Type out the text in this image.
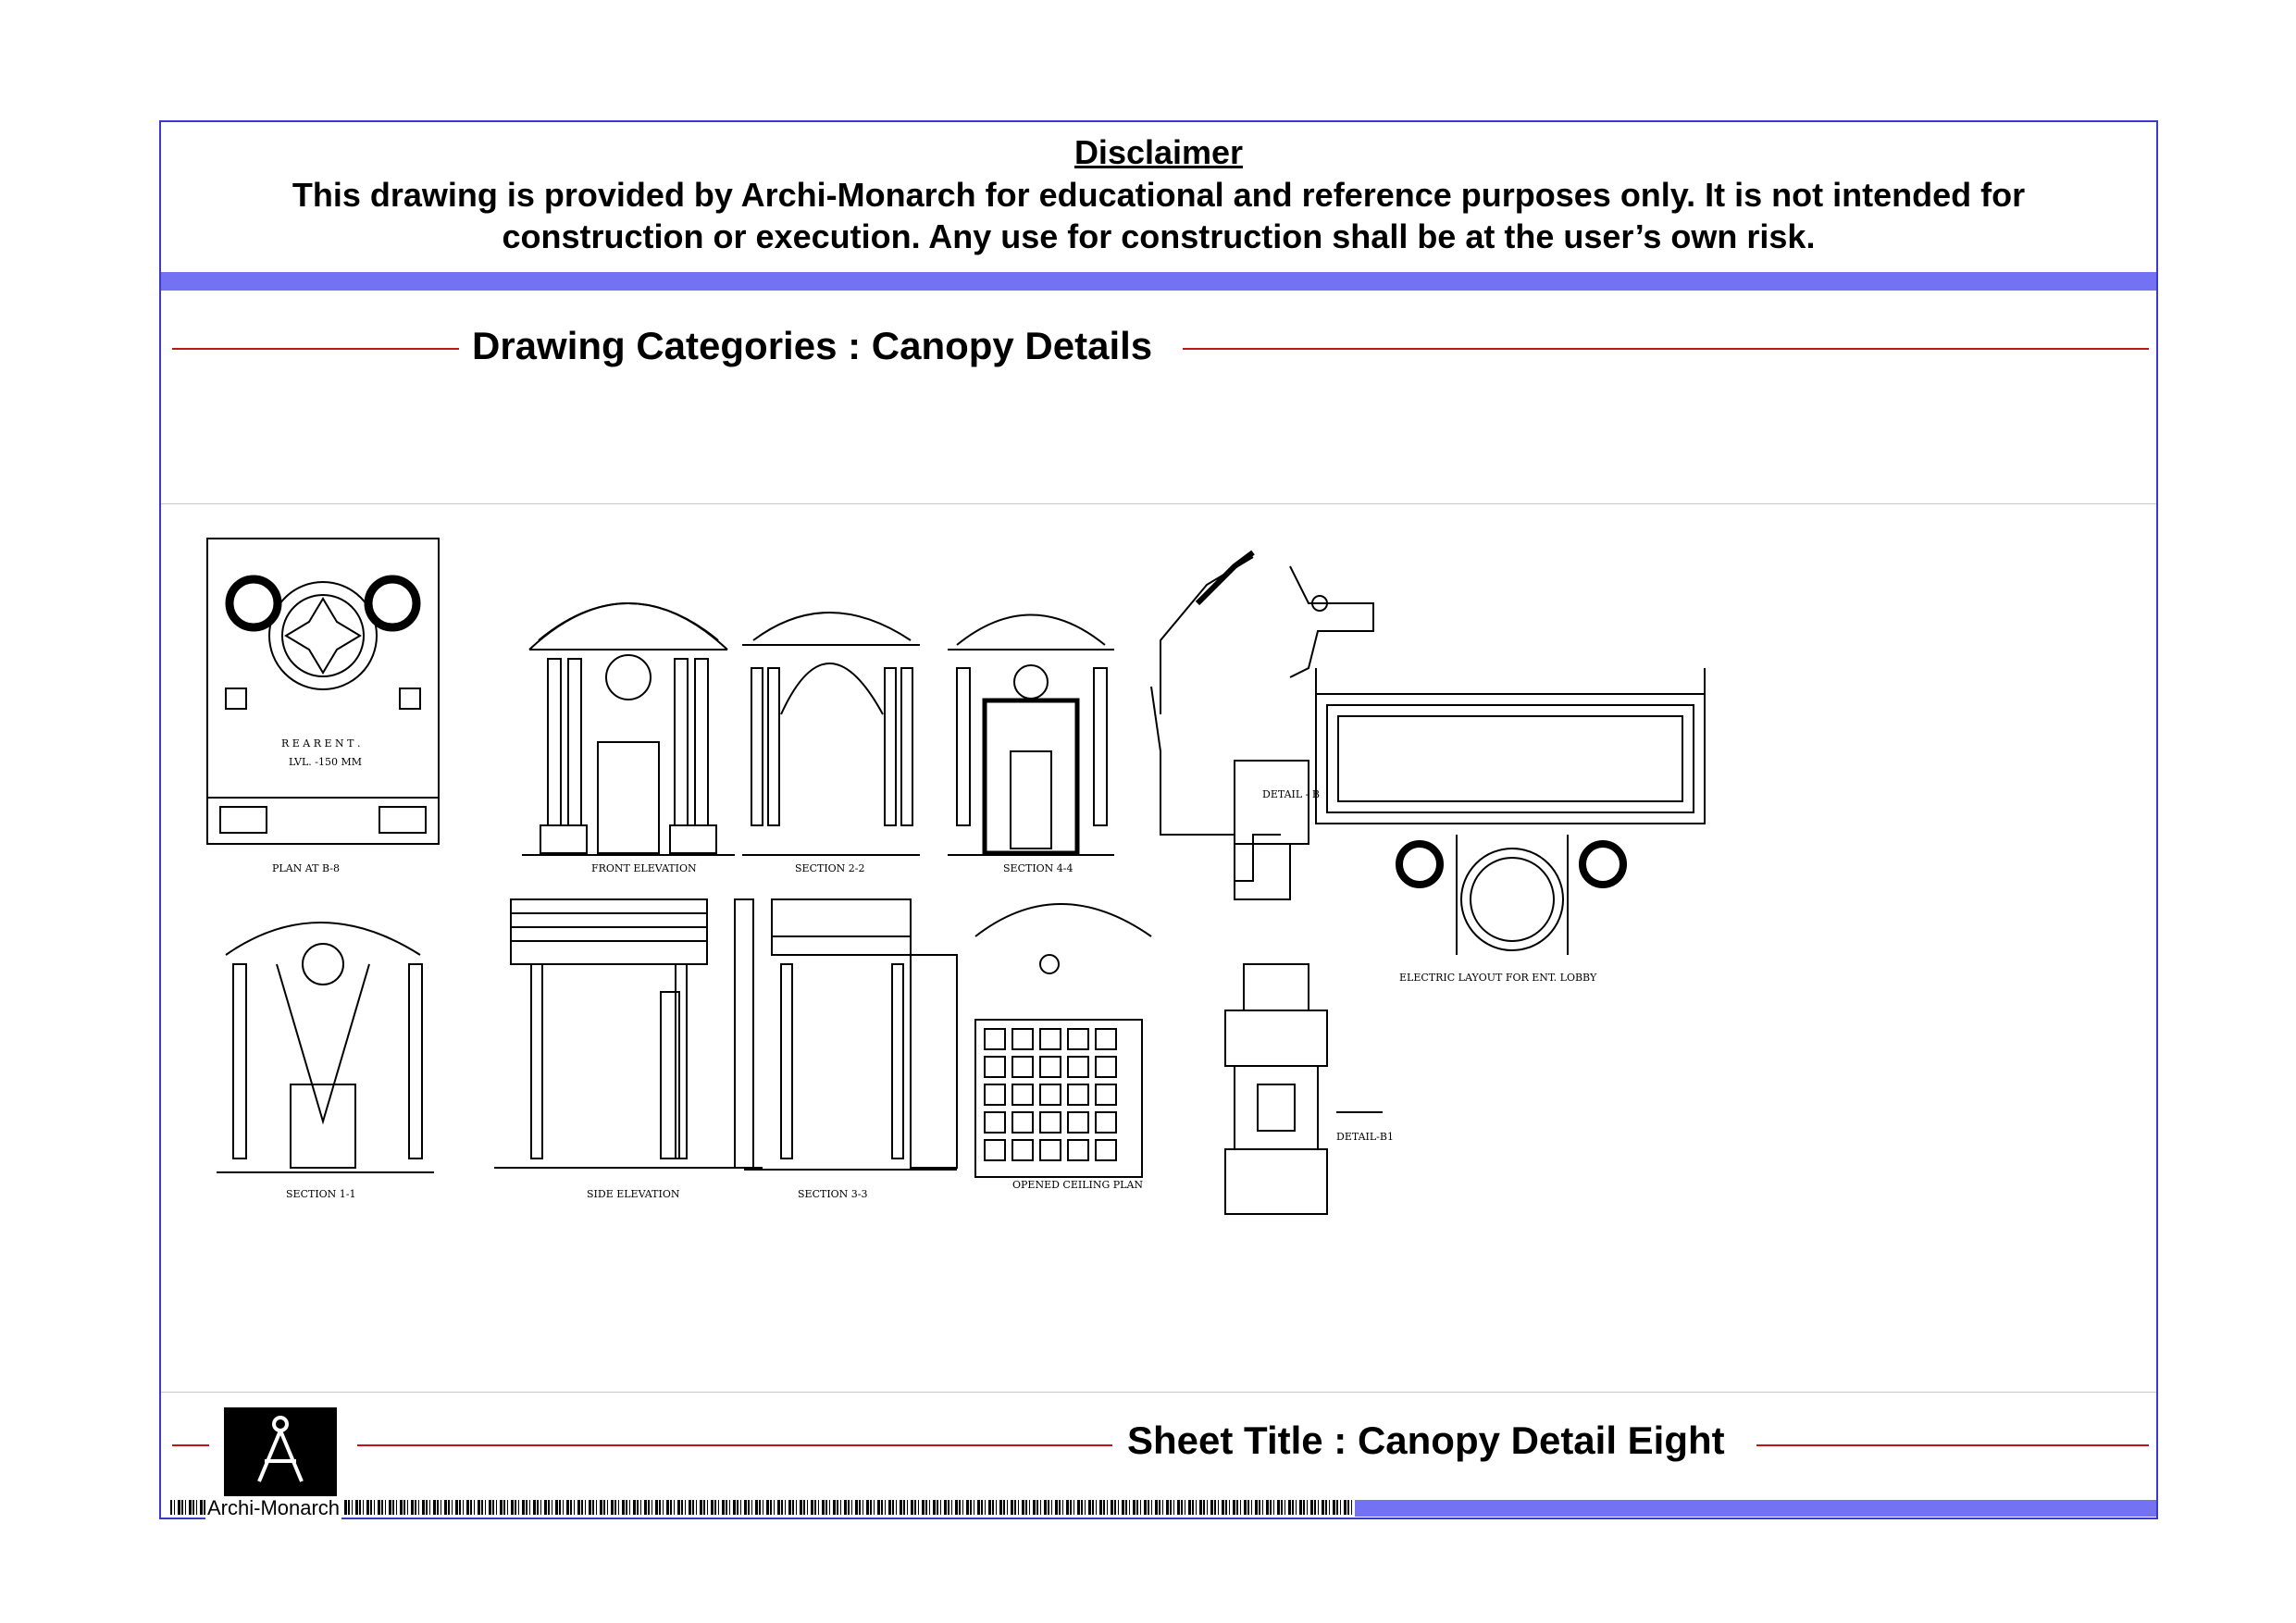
Disclaimer
This drawing is provided by Archi-Monarch for educational and reference purposes only. It is not intended for
construction or execution. Any use for construction shall be at the user’s own risk.
Drawing Categories : Canopy Details
PLAN AT B-8
R E A R E N T .
LVL. -150 MM
FRONT ELEVATION	SECTION 2-2	SECTION 4-4
DETAIL - B
ELECTRIC LAYOUT FOR ENT. LOBBY
SECTION 1-1	SIDE ELEVATION	SECTION 3-3
OPENED CEILING PLAN
DETAIL-B1
Sheet Title : Canopy Detail Eight
Archi-Monarch
